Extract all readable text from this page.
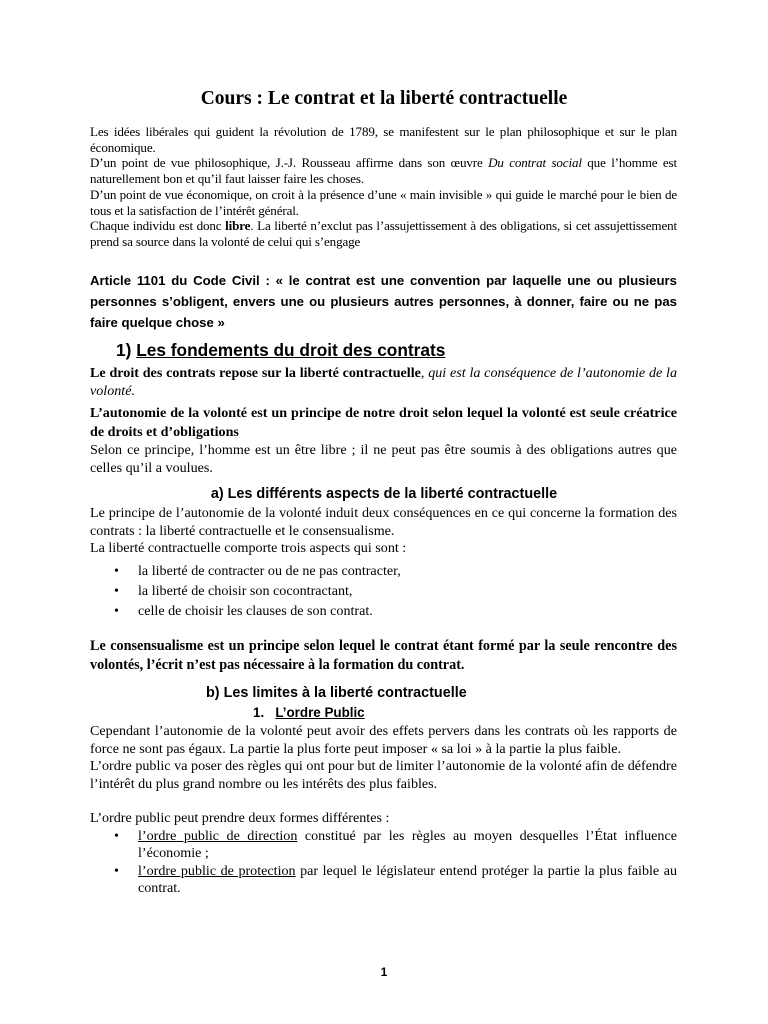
Cours : Le contrat et la liberté contractuelle

Les idées libérales qui guident la révolution de 1789, se manifestent sur le plan philosophique et sur le plan économique.

D’un point de vue philosophique, J.-J. Rousseau affirme dans son œuvre Du contrat social que l’homme est naturellement bon et qu’il faut laisser faire les choses.

D’un point de vue économique, on croit à la présence d’une « main invisible » qui guide le marché pour le bien de tous et la satisfaction de l’intérêt général.

Chaque individu est donc libre. La liberté n’exclut pas l’assujettissement à des obligations, si cet assujettissement prend sa source dans la volonté de celui qui s’engage

Article 1101 du Code Civil : « le contrat est une convention par laquelle une ou plusieurs personnes s’obligent, envers une ou plusieurs autres personnes, à donner, faire ou ne pas faire quelque chose »

1) Les fondements du droit des contrats

Le droit des contrats repose sur la liberté contractuelle, qui est la conséquence de l’autonomie de la volonté.

L’autonomie de la volonté est un principe de notre droit selon lequel la volonté est seule créatrice de droits et d’obligations

Selon ce principe, l’homme est un être libre ; il ne peut pas être soumis à des obligations autres que celles qu’il a voulues.

a) Les différents aspects de la liberté contractuelle

Le principe de l’autonomie de la volonté induit deux conséquences en ce qui concerne la formation des contrats : la liberté contractuelle et le consensualisme.

La liberté contractuelle comporte trois aspects qui sont :

• la liberté de contracter ou de ne pas contracter,
• la liberté de choisir son cocontractant,
• celle de choisir les clauses de son contrat.

Le consensualisme est un principe selon lequel le contrat étant formé par la seule rencontre des volontés, l’écrit n’est pas nécessaire à la formation du contrat.

b) Les limites à la liberté contractuelle
1. L’ordre Public

Cependant l’autonomie de la volonté peut avoir des effets pervers dans les contrats où les rapports de force ne sont pas égaux. La partie la plus forte peut imposer « sa loi » à la partie la plus faible.

L’ordre public va poser des règles qui ont pour but de limiter l’autonomie de la volonté afin de défendre l’intérêt du plus grand nombre ou les intérêts des plus faibles.

L’ordre public peut prendre deux formes différentes :

• l’ordre public de direction constitué par les règles au moyen desquelles l’État influence l’économie ;
• l’ordre public de protection par lequel le législateur entend protéger la partie la plus faible au contrat.
1
